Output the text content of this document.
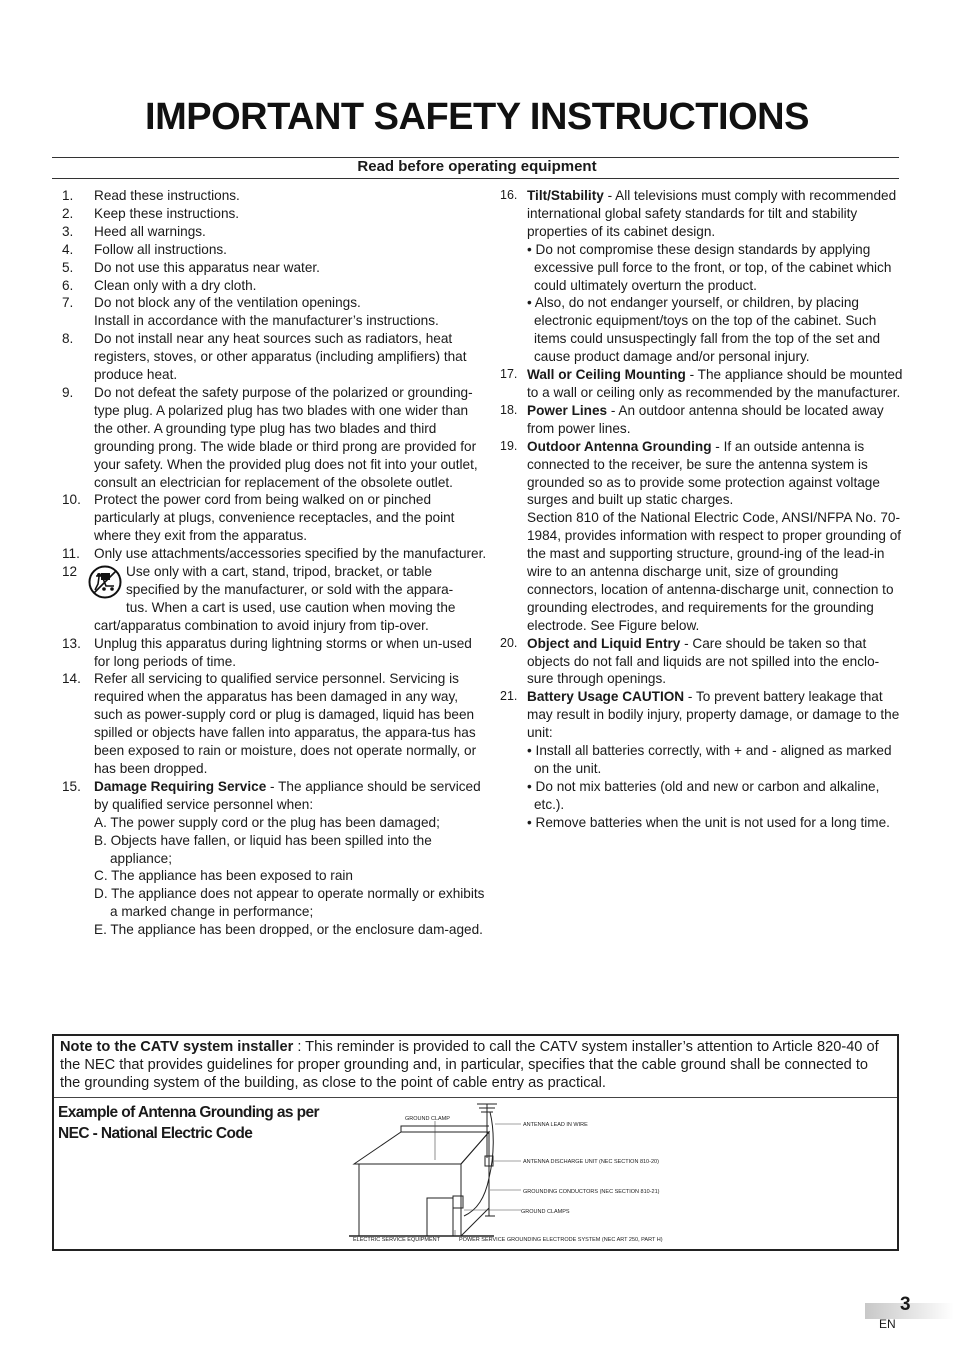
IMPORTANT SAFETY INSTRUCTIONS
Read before operating equipment
1.	Read these instructions.
2.	Keep these instructions.
3.	Heed all warnings.
4.	Follow all instructions.
5.	Do not use this apparatus near water.
6.	Clean only with a dry cloth.
7.	Do not block any of the ventilation openings.
Install in accordance with the manufacturer’s instructions.
8.	Do not install near any heat sources such as radiators, heat registers, stoves, or other apparatus (including amplifiers) that produce heat.
9.	Do not defeat the safety purpose of the polarized or grounding-type plug. A polarized plug has two blades with one wider than the other. A grounding type plug has two blades and third grounding prong. The wide blade or third prong are provided for your safety. When the provided plug does not fit into your outlet, consult an electrician for replacement of the obsolete outlet.
10. Protect the power cord from being walked on or pinched particularly at plugs, convenience receptacles, and the point where they exit from the apparatus.
11.	Only use attachments/accessories specified by the manufacturer.
12	Use only with a cart, stand, tripod, bracket, or table
specified by the manufacturer, or sold with the appara-
tus. When a cart is used, use caution when moving the
cart/apparatus combination to avoid injury from tip-over.
13. Unplug this apparatus during lightning storms or when un-used for long periods of time.
14. Refer all servicing to qualified service personnel. Servicing is required when the apparatus has been damaged in any way, such as power-supply cord or plug is damaged, liquid has been spilled or objects have fallen into apparatus, the appara-tus has been exposed to rain or moisture, does not operate normally, or has been dropped.
15. Damage Requiring Service - The appliance should be serviced by qualified service personnel when:
A. The power supply cord or the plug has been damaged;
B. Objects have fallen, or liquid has been spilled into the appliance;
C. The appliance has been exposed to rain
D. The appliance does not appear to operate normally or exhibits a marked change in performance;
E. The appliance has been dropped, or the enclosure dam-aged.
16. Tilt/Stability - All televisions must comply with recommended international global safety standards for tilt and stability properties of its cabinet design.
• Do not compromise these design standards by applying excessive pull force to the front, or top, of the cabinet which could ultimately overturn the product.
• Also, do not endanger yourself, or children, by placing electronic equipment/toys on the top of the cabinet. Such items could unsuspectingly fall from the top of the set and cause product damage and/or personal injury.
17. Wall or Ceiling Mounting - The appliance should be mounted to a wall or ceiling only as recommended by the manufacturer.
18. Power Lines - An outdoor antenna should be located away from power lines.
19. Outdoor Antenna Grounding - If an outside antenna is connected to the receiver, be sure the antenna system is grounded so as to provide some protection against voltage surges and built up static charges.
Section 810 of the National Electric Code, ANSI/NFPA No. 70-1984, provides information with respect to proper grounding of the mast and supporting structure, ground-ing of the lead-in wire to an antenna discharge unit, size of grounding connectors, location of antenna-discharge unit, connection to grounding electrodes, and requirements for the grounding electrode. See Figure below.
20. Object and Liquid Entry - Care should be taken so that objects do not fall and liquids are not spilled into the enclo-sure through openings.
21. Battery Usage CAUTION - To prevent battery leakage that may result in bodily injury, property damage, or damage to the unit:
• Install all batteries correctly, with + and - aligned as marked on the unit.
• Do not mix batteries (old and new or carbon and alkaline, etc.).
• Remove batteries when the unit is not used for a long time.
Note to the CATV system installer : This reminder is provided to call the CATV system installer’s attention to Article 820-40 of the NEC that provides guidelines for proper grounding and, in particular, specifies that the cable ground shall be connected to the grounding system of the building, as close to the point of cable entry as practical.
Example of Antenna Grounding as per NEC - National Electric Code
GROUND CLAMP
ANTENNA LEAD IN WIRE
ANTENNA DISCHARGE UNIT (NEC SECTION 810-20)
GROUNDING CONDUCTORS (NEC SECTION 810-21)
GROUND CLAMPS
ELECTRIC SERVICE EQUIPMENT	POWER SERVICE GROUNDING ELECTRODE SYSTEM (NEC ART 250, PART H)
3
EN
